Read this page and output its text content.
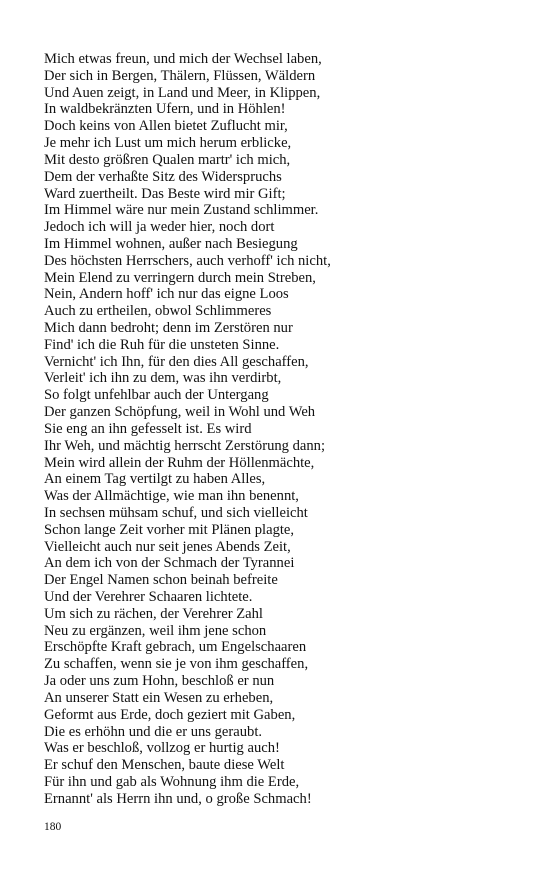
Mich etwas freun, und mich der Wechsel laben,
Der sich in Bergen, Thälern, Flüssen, Wäldern
Und Auen zeigt, in Land und Meer, in Klippen,
In waldbekränzten Ufern, und in Höhlen!
Doch keins von Allen bietet Zuflucht mir,
Je mehr ich Lust um mich herum erblicke,
Mit desto größren Qualen martr' ich mich,
Dem der verhaßte Sitz des Widerspruchs
Ward zuertheilt. Das Beste wird mir Gift;
Im Himmel wäre nur mein Zustand schlimmer.
Jedoch ich will ja weder hier, noch dort
Im Himmel wohnen, außer nach Besiegung
Des höchsten Herrschers, auch verhoff' ich nicht,
Mein Elend zu verringern durch mein Streben,
Nein, Andern hoff' ich nur das eigne Loos
Auch zu ertheilen, obwol Schlimmeres
Mich dann bedroht; denn im Zerstören nur
Find' ich die Ruh für die unsteten Sinne.
Vernicht' ich Ihn, für den dies All geschaffen,
Verleit' ich ihn zu dem, was ihn verdirbt,
So folgt unfehlbar auch der Untergang
Der ganzen Schöpfung, weil in Wohl und Weh
Sie eng an ihn gefesselt ist. Es wird
Ihr Weh, und mächtig herrscht Zerstörung dann;
Mein wird allein der Ruhm der Höllenmächte,
An einem Tag vertilgt zu haben Alles,
Was der Allmächtige, wie man ihn benennt,
In sechsen mühsam schuf, und sich vielleicht
Schon lange Zeit vorher mit Plänen plagte,
Vielleicht auch nur seit jenes Abends Zeit,
An dem ich von der Schmach der Tyrannei
Der Engel Namen schon beinah befreite
Und der Verehrer Schaaren lichtete.
Um sich zu rächen, der Verehrer Zahl
Neu zu ergänzen, weil ihm jene schon
Erschöpfte Kraft gebrach, um Engelschaaren
Zu schaffen, wenn sie je von ihm geschaffen,
Ja oder uns zum Hohn, beschloß er nun
An unserer Statt ein Wesen zu erheben,
Geformt aus Erde, doch geziert mit Gaben,
Die es erhöhn und die er uns geraubt.
Was er beschloß, vollzog er hurtig auch!
Er schuf den Menschen, baute diese Welt
Für ihn und gab als Wohnung ihm die Erde,
Ernannt' als Herrn ihn und, o große Schmach!
180
